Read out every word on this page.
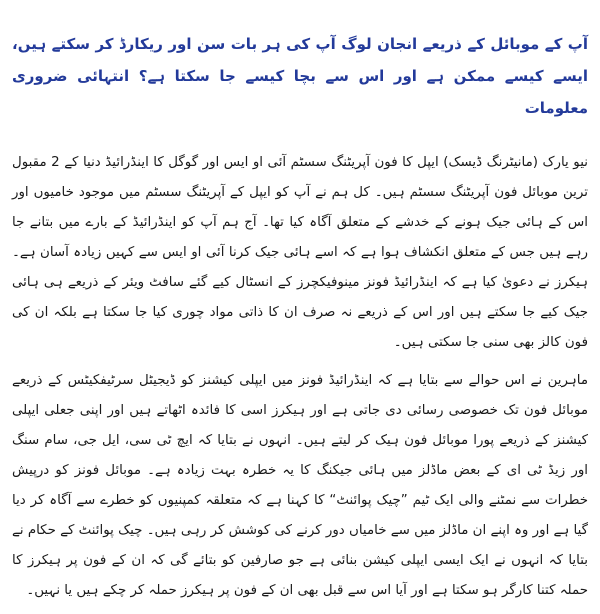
آپ کے موبائل کے ذریعے انجان لوگ آپ کی ہر بات سن اور ریکارڈ کر سکتے ہیں، ایسے کیسے ممکن ہے اور اس سے بچا کیسے جا سکتا ہے؟ انتہائی ضروری معلومات

نیو یارک (مانیٹرنگ ڈیسک) ایپل کا فون آپریٹنگ سسٹم آئی او ایس اور گوگل کا اینڈرائیڈ دنیا کے 2 مقبول ترین موبائل فون آپریٹنگ سسٹم ہیں۔ کل ہم نے آپ کو ایپل کے آپریٹنگ سسٹم میں موجود خامیوں اور اس کے ہائی جیک ہونے کے خدشے کے متعلق آگاہ کیا تھا۔ آج ہم آپ کو اینڈرائیڈ کے بارے میں بتانے جا رہے ہیں جس کے متعلق انکشاف ہوا ہے کہ اسے ہائی جیک کرنا آئی او ایس سے کہیں زیادہ آسان ہے۔ ہیکرز نے دعویٰ کیا ہے کہ اینڈرائیڈ فونز مینوفیکچرز کے انسٹال کیے گئے سافٹ ویئر کے ذریعے ہی ہائی جیک کیے جا سکتے ہیں اور اس کے ذریعے نہ صرف ان کا ذاتی مواد چوری کیا جا سکتا ہے بلکہ ان کی فون کالز بھی سنی جا سکتی ہیں۔

ماہرین نے اس حوالے سے بتایا ہے کہ اینڈرائیڈ فونز میں ایپلی کیشنز کو ڈیجیٹل سرٹیفکیٹس کے ذریعے موبائل فون تک خصوصی رسائی دی جاتی ہے اور ہیکرز اسی کا فائدہ اٹھاتے ہیں اور اپنی جعلی ایپلی کیشنز کے ذریعے پورا موبائل فون ہیک کر لیتے ہیں۔ انہوں نے بتایا کہ ایچ ٹی سی، ایل جی، سام سنگ اور زیڈ ٹی ای کے بعض ماڈلز میں ہائی جیکنگ کا یہ خطرہ بہت زیادہ ہے۔ موبائل فونز کو درپیش خطرات سے نمٹنے والی ایک ٹیم ”چیک پوائنٹ“ کا کہنا ہے کہ متعلقہ کمپنیوں کو خطرے سے آگاہ کر دیا گیا ہے اور وہ اپنے ان ماڈلز میں سے خامیاں دور کرنے کی کوشش کر رہی ہیں۔ چیک پوائنٹ کے حکام نے بتایا کہ انہوں نے ایک ایسی ایپلی کیشن بنائی ہے جو صارفین کو بتائے گی کہ ان کے فون پر ہیکرز کا حملہ کتنا کارگر ہو سکتا ہے اور آیا اس سے قبل بھی ان کے فون پر ہیکرز حملہ کر چکے ہیں یا نہیں۔
